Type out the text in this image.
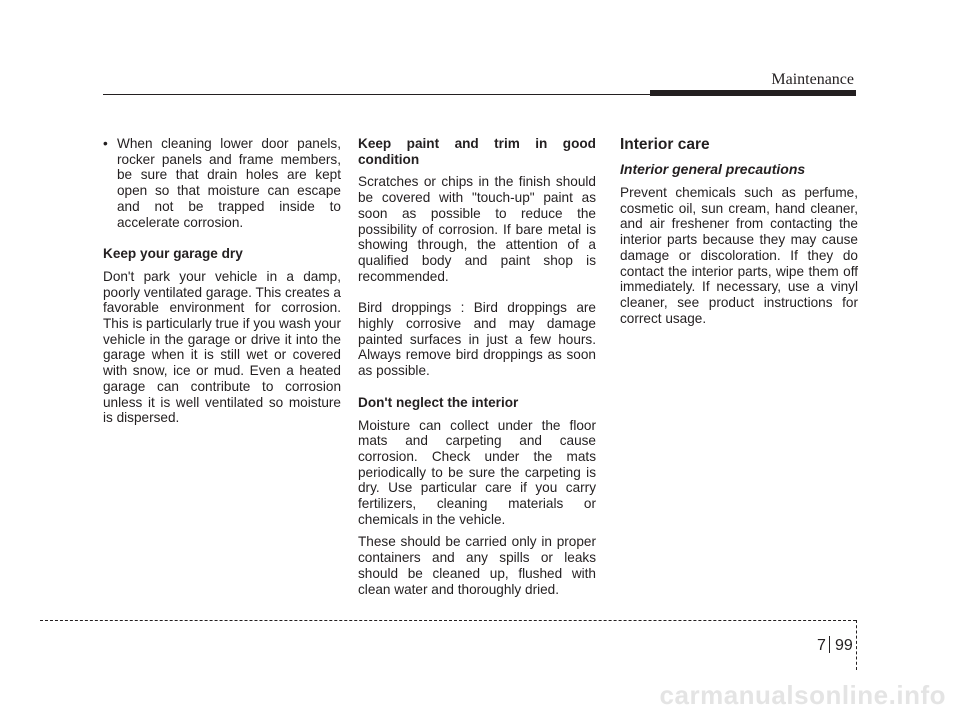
Maintenance
• When cleaning lower door panels, rocker panels and frame members, be sure that drain holes are kept open so that moisture can escape and not be trapped inside to accelerate corrosion.

Keep your garage dry

Don't park your vehicle in a damp, poorly ventilated garage. This creates a favorable environment for corrosion. This is particularly true if you wash your vehicle in the garage or drive it into the garage when it is still wet or covered with snow, ice or mud. Even a heated garage can contribute to corrosion unless it is well ventilated so moisture is dispersed.

Keep paint and trim in good condition

Scratches or chips in the finish should be covered with "touch-up" paint as soon as possible to reduce the possibility of corrosion. If bare metal is showing through, the attention of a qualified body and paint shop is recommended.

Bird droppings : Bird droppings are highly corrosive and may damage painted surfaces in just a few hours. Always remove bird droppings as soon as possible.

Don't neglect the interior

Moisture can collect under the floor mats and carpeting and cause corrosion. Check under the mats periodically to be sure the carpeting is dry. Use particular care if you carry fertilizers, cleaning materials or chemicals in the vehicle.

These should be carried only in proper containers and any spills or leaks should be cleaned up, flushed with clean water and thoroughly dried.

Interior care
Interior general precautions

Prevent chemicals such as perfume, cosmetic oil, sun cream, hand cleaner, and air freshener from contacting the interior parts because they may cause damage or discoloration. If they do contact the interior parts, wipe them off immediately. If necessary, use a vinyl cleaner, see product instructions for correct usage.

7 99
carmanualsonline.info
